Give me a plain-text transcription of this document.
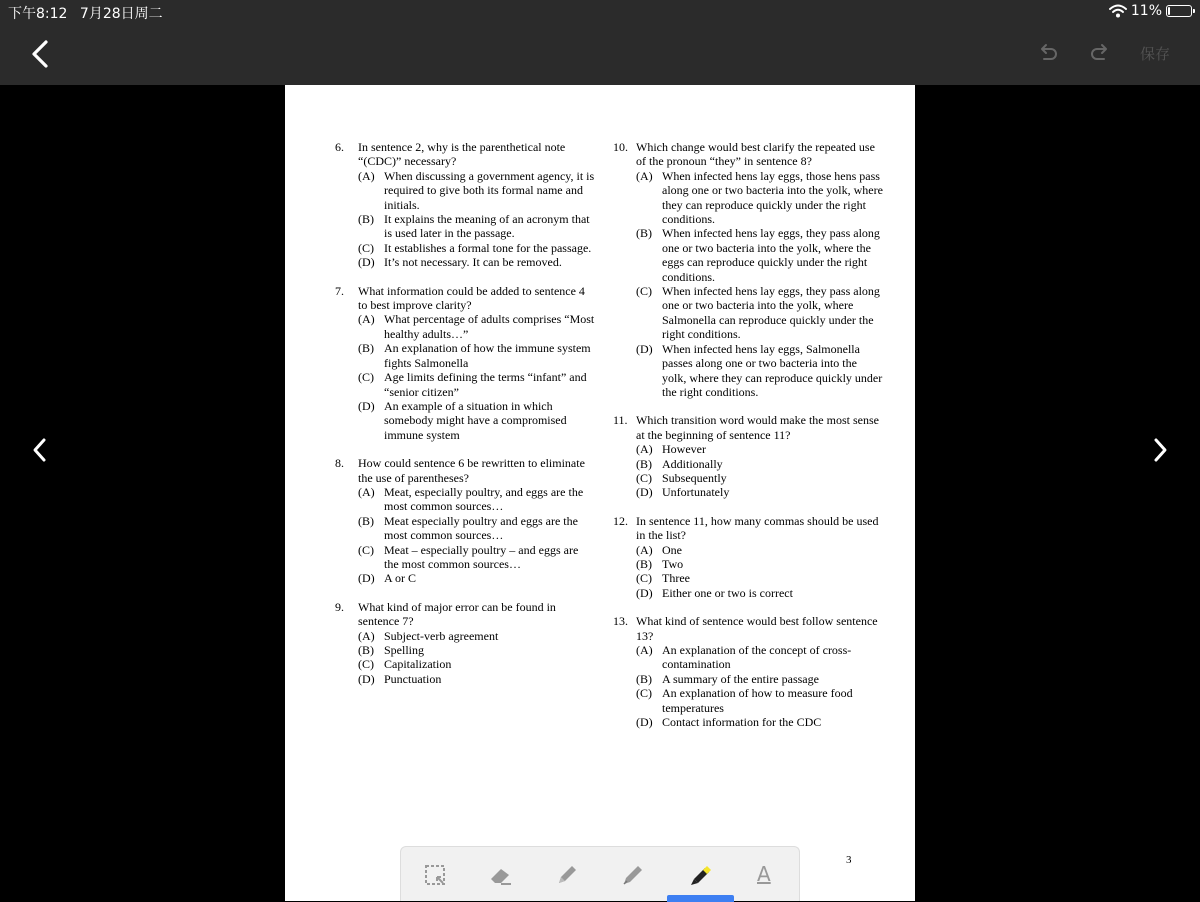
下午8:12 7月28日周二	11%
保存
6.	In sentence 2, why is the parenthetical note “(CDC)” necessary?
(A) When discussing a government agency, it is required to give both its formal name and initials.
(B) It explains the meaning of an acronym that is used later in the passage.
(C) It establishes a formal tone for the passage.
(D) It’s not necessary. It can be removed.
7.	What information could be added to sentence 4 to best improve clarity?
(A) What percentage of adults comprises “Most healthy adults…”
(B) An explanation of how the immune system fights Salmonella
(C) Age limits defining the terms “infant” and “senior citizen”
(D) An example of a situation in which somebody might have a compromised immune system
8.	How could sentence 6 be rewritten to eliminate the use of parentheses?
(A) Meat, especially poultry, and eggs are the most common sources…
(B) Meat especially poultry and eggs are the most common sources…
(C) Meat – especially poultry – and eggs are the most common sources…
(D) A or C
9.	What kind of major error can be found in sentence 7?
(A) Subject-verb agreement
(B) Spelling
(C) Capitalization
(D) Punctuation
10. Which change would best clarify the repeated use of the pronoun “they” in sentence 8?
(A) When infected hens lay eggs, those hens pass along one or two bacteria into the yolk, where they can reproduce quickly under the right conditions.
(B) When infected hens lay eggs, they pass along one or two bacteria into the yolk, where the eggs can reproduce quickly under the right conditions.
(C) When infected hens lay eggs, they pass along one or two bacteria into the yolk, where Salmonella can reproduce quickly under the right conditions.
(D) When infected hens lay eggs, Salmonella passes along one or two bacteria into the yolk, where they can reproduce quickly under the right conditions.
11. Which transition word would make the most sense at the beginning of sentence 11?
(A) However
(B) Additionally
(C) Subsequently
(D) Unfortunately
12. In sentence 11, how many commas should be used in the list?
(A) One
(B) Two
(C) Three
(D) Either one or two is correct
13. What kind of sentence would best follow sentence 13?
(A) An explanation of the concept of cross-contamination
(B) A summary of the entire passage
(C) An explanation of how to measure food temperatures
(D) Contact information for the CDC
3
A
